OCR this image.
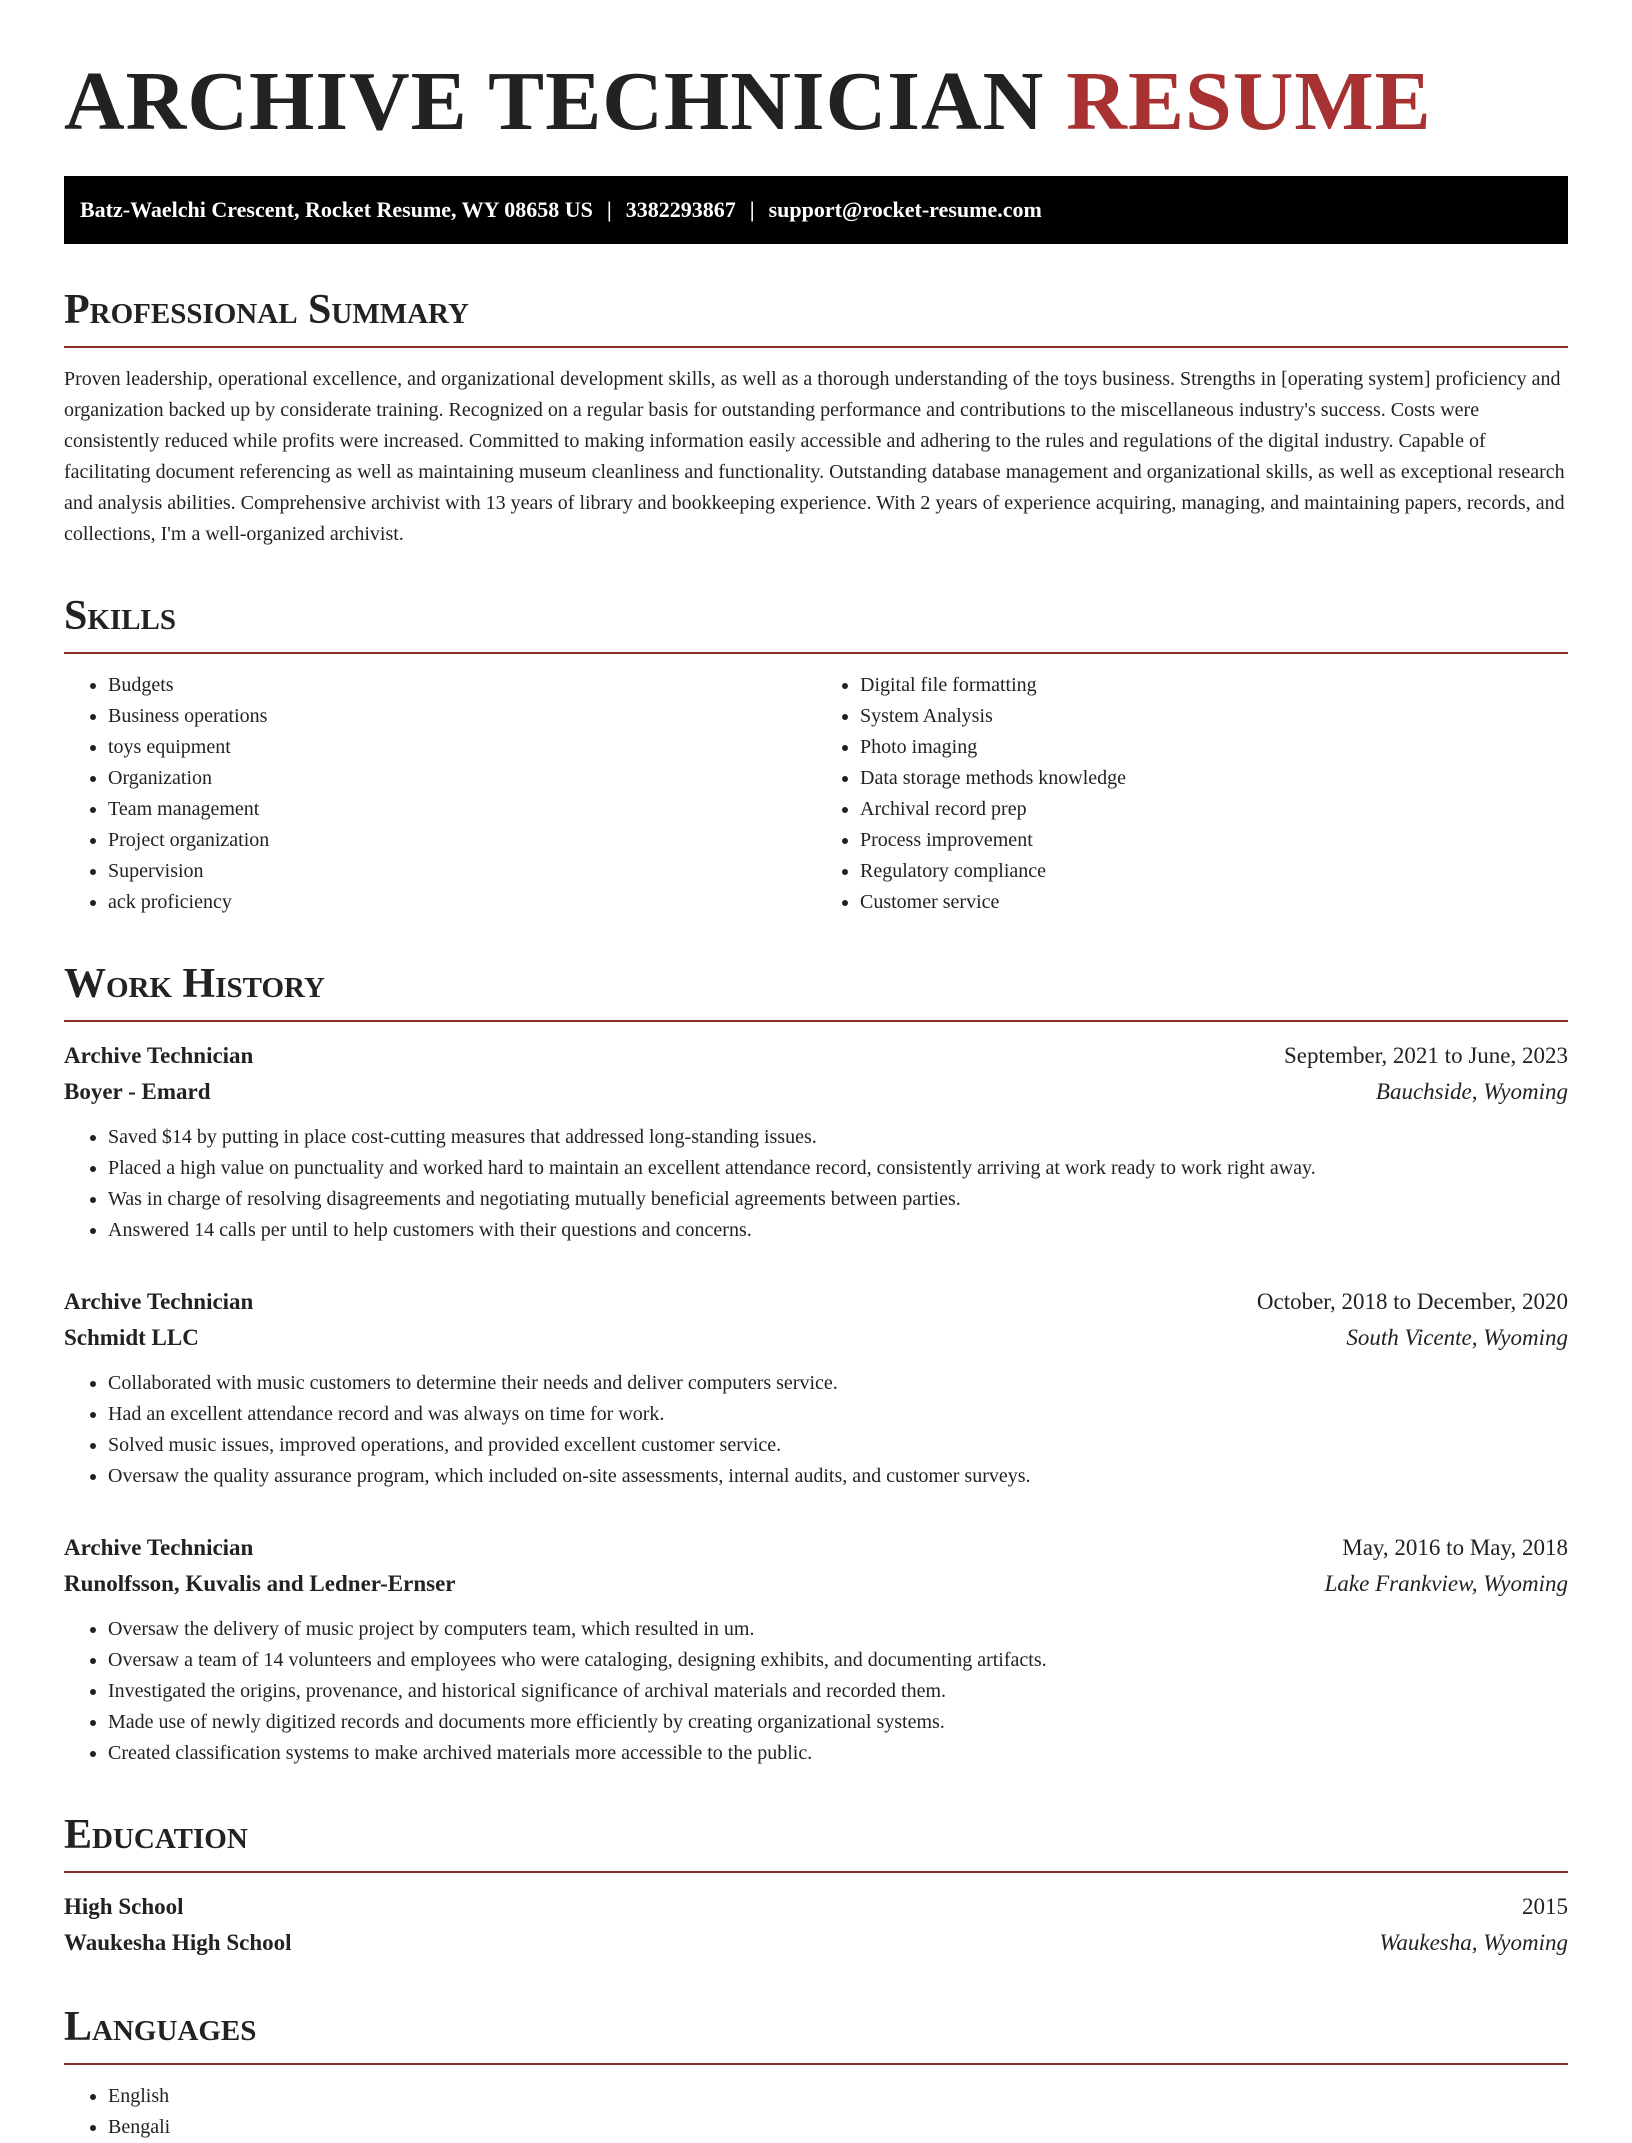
ARCHIVE TECHNICIAN RESUME
Batz-Waelchi Crescent, Rocket Resume, WY 08658 US | 3382293867 | support@rocket-resume.com
Professional Summary

Proven leadership, operational excellence, and organizational development skills, as well as a thorough understanding of the toys business. Strengths in [operating system] proficiency and organization backed up by considerate training. Recognized on a regular basis for outstanding performance and contributions to the miscellaneous industry's success. Costs were consistently reduced while profits were increased. Committed to making information easily accessible and adhering to the rules and regulations of the digital industry. Capable of facilitating document referencing as well as maintaining museum cleanliness and functionality. Outstanding database management and organizational skills, as well as exceptional research and analysis abilities. Comprehensive archivist with 13 years of library and bookkeeping experience. With 2 years of experience acquiring, managing, and maintaining papers, records, and collections, I'm a well-organized archivist.

Skills
• Budgets
• Business operations
• toys equipment
• Organization
• Team management
• Project organization
• Supervision
• ack proficiency
• Digital file formatting
• System Analysis
• Photo imaging
• Data storage methods knowledge
• Archival record prep
• Process improvement
• Regulatory compliance
• Customer service
Work History
Archive Technician	September, 2021 to June, 2023
Boyer - Emard	Bauchside, Wyoming
• Saved $14 by putting in place cost-cutting measures that addressed long-standing issues.
• Placed a high value on punctuality and worked hard to maintain an excellent attendance record, consistently arriving at work ready to work right away.
• Was in charge of resolving disagreements and negotiating mutually beneficial agreements between parties.
• Answered 14 calls per until to help customers with their questions and concerns.
Archive Technician	October, 2018 to December, 2020
Schmidt LLC	South Vicente, Wyoming
• Collaborated with music customers to determine their needs and deliver computers service.
• Had an excellent attendance record and was always on time for work.
• Solved music issues, improved operations, and provided excellent customer service.
• Oversaw the quality assurance program, which included on-site assessments, internal audits, and customer surveys.
Archive Technician	May, 2016 to May, 2018
Runolfsson, Kuvalis and Ledner-Ernser	Lake Frankview, Wyoming
• Oversaw the delivery of music project by computers team, which resulted in um.
• Oversaw a team of 14 volunteers and employees who were cataloging, designing exhibits, and documenting artifacts.
• Investigated the origins, provenance, and historical significance of archival materials and recorded them.
• Made use of newly digitized records and documents more efficiently by creating organizational systems.
• Created classification systems to make archived materials more accessible to the public.
Education
High School	2015
Waukesha High School	Waukesha, Wyoming
Languages
• English
• Bengali
